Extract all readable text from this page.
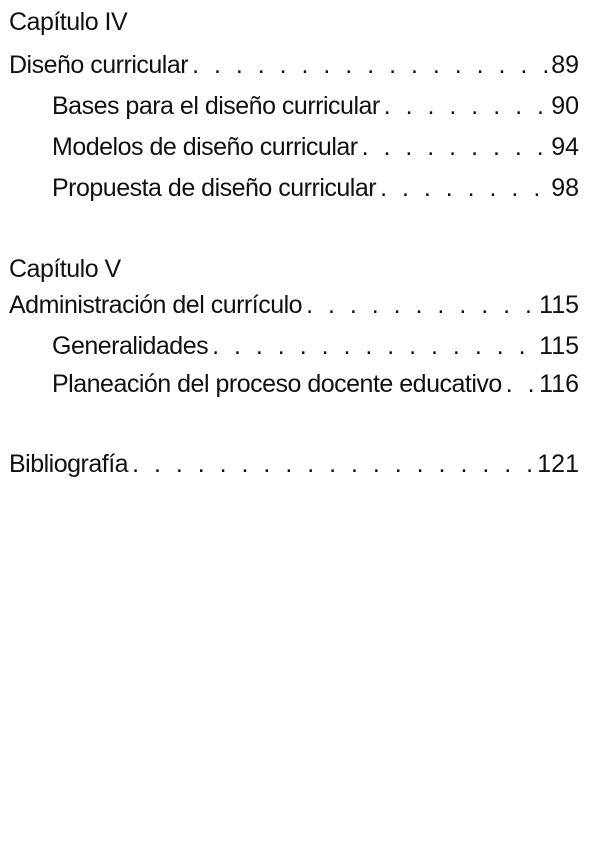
Capítulo IV
Diseño curricular . . .	89
Bases para el diseño curricular . . .	90
Modelos de diseño curricular . . .	94
Propuesta de diseño curricular . . .	98
Capítulo V
Administración del currículo . . .	115
Generalidades . . .	115
Planeación del proceso docente educativo . . . 116
Bibliografía . . .	121
